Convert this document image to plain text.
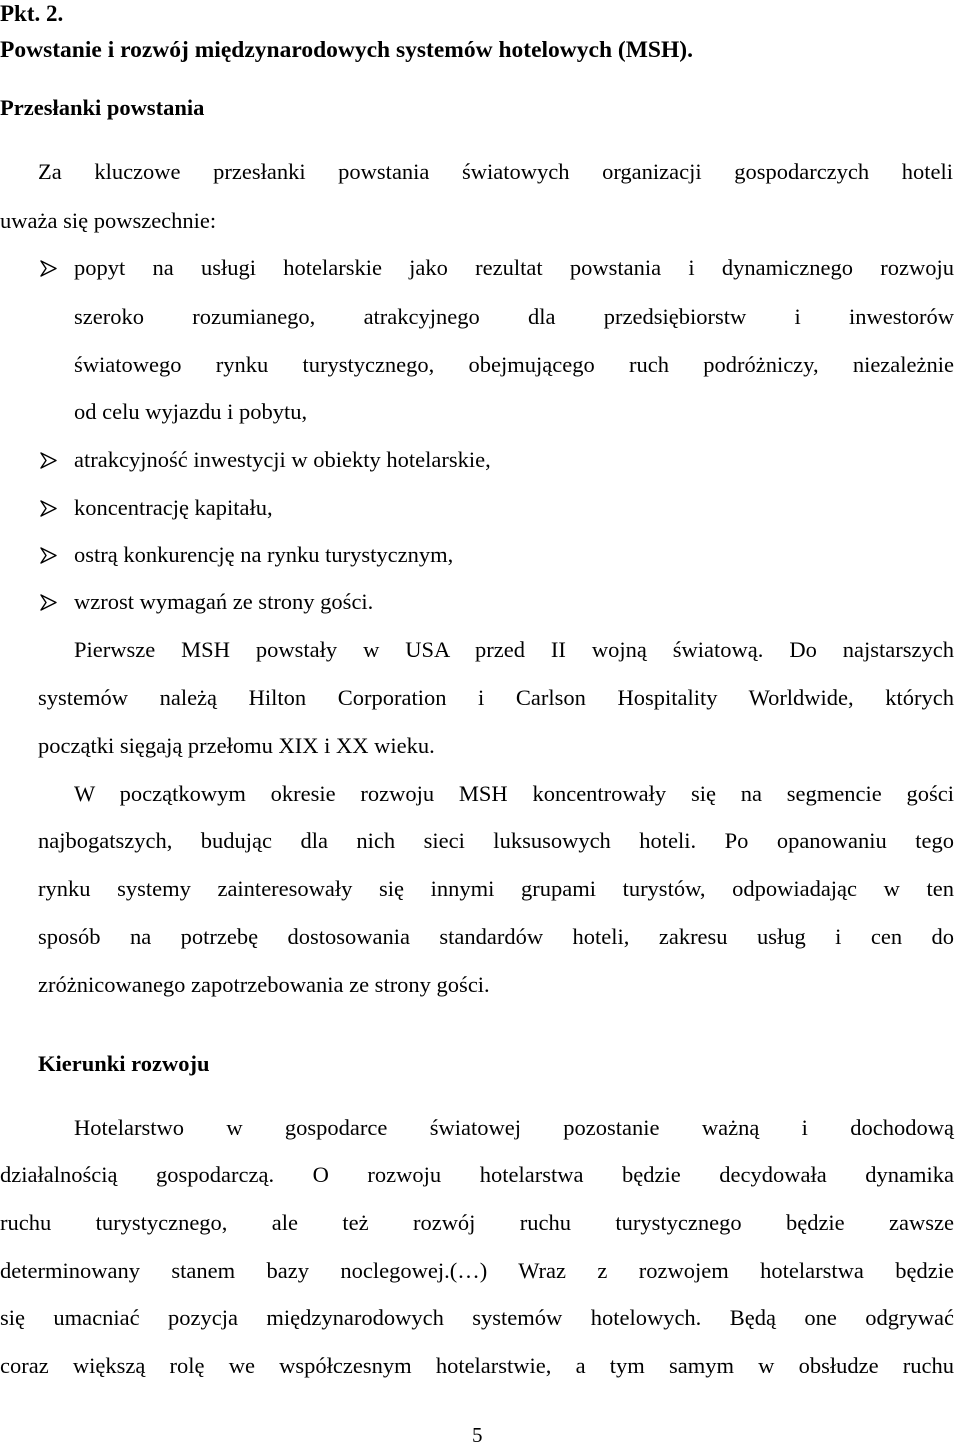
Pkt. 2.
Powstanie i rozwój międzynarodowych systemów hotelowych (MSH).
Przesłanki powstania
Za kluczowe przesłanki powstania światowych organizacji gospodarczych hoteli
uważa się powszechnie:
popyt na usługi hotelarskie jako rezultat powstania i dynamicznego rozwoju
szeroko rozumianego, atrakcyjnego dla przedsiębiorstw i inwestorów
światowego rynku turystycznego, obejmującego ruch podróżniczy, niezależnie
od celu wyjazdu i pobytu,
atrakcyjność inwestycji w obiekty hotelarskie,
koncentrację kapitału,
ostrą konkurencję na rynku turystycznym,
wzrost wymagań ze strony gości.
Pierwsze MSH powstały w USA przed II wojną światową. Do najstarszych
systemów należą Hilton Corporation i Carlson Hospitality Worldwide, których
początki sięgają przełomu XIX i XX wieku.
W początkowym okresie rozwoju MSH koncentrowały się na segmencie gości
najbogatszych, budując dla nich sieci luksusowych hoteli. Po opanowaniu tego
rynku systemy zainteresowały się innymi grupami turystów, odpowiadając w ten
sposób na potrzebę dostosowania standardów hoteli, zakresu usług i cen do
zróżnicowanego zapotrzebowania ze strony gości.
Kierunki rozwoju
Hotelarstwo w gospodarce światowej pozostanie ważną i dochodową
działalnością gospodarczą. O rozwoju hotelarstwa będzie decydowała dynamika
ruchu turystycznego, ale też rozwój ruchu turystycznego będzie zawsze
determinowany stanem bazy noclegowej.(…) Wraz z rozwojem hotelarstwa będzie
się umacniać pozycja międzynarodowych systemów hotelowych. Będą one odgrywać
coraz większą rolę we współczesnym hotelarstwie, a tym samym w obsłudze ruchu
5
